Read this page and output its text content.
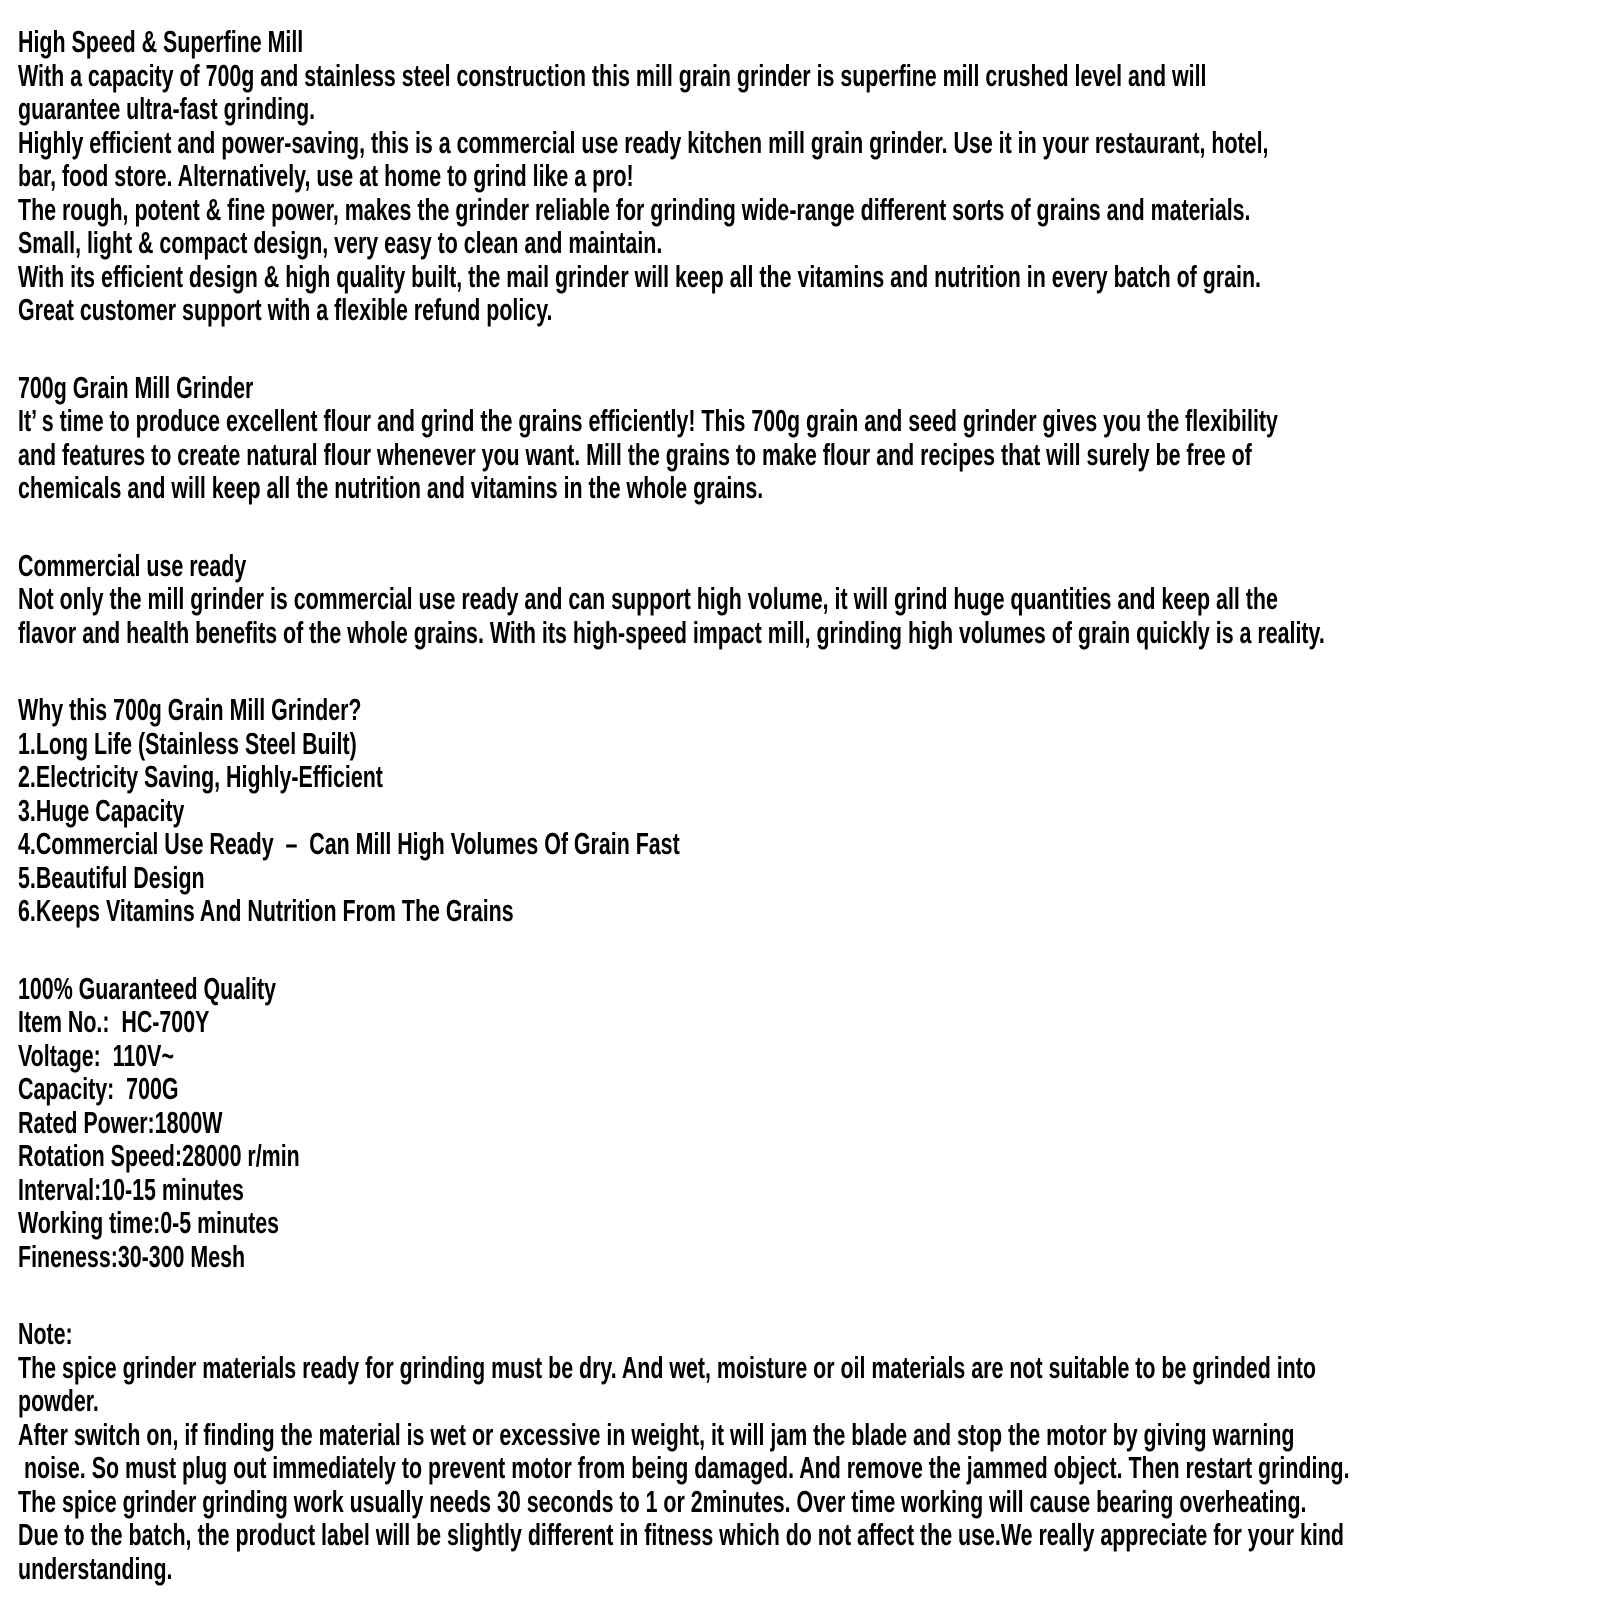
High Speed & Superfine Mill
With a capacity of 700g and stainless steel construction this mill grain grinder is superfine mill crushed level and will
guarantee ultra-fast grinding.
Highly efficient and power-saving, this is a commercial use ready kitchen mill grain grinder. Use it in your restaurant, hotel,
bar, food store. Alternatively, use at home to grind like a pro!
The rough, potent & fine power, makes the grinder reliable for grinding wide-range different sorts of grains and materials.
Small, light & compact design, very easy to clean and maintain.
With its efficient design & high quality built, the mail grinder will keep all the vitamins and nutrition in every batch of grain.
Great customer support with a flexible refund policy.
700g Grain Mill Grinder
It’ s time to produce excellent flour and grind the grains efficiently! This 700g grain and seed grinder gives you the flexibility
and features to create natural flour whenever you want. Mill the grains to make flour and recipes that will surely be free of
chemicals and will keep all the nutrition and vitamins in the whole grains.
Commercial use ready
Not only the mill grinder is commercial use ready and can support high volume, it will grind huge quantities and keep all the
flavor and health benefits of the whole grains. With its high-speed impact mill, grinding high volumes of grain quickly is a reality.
Why this 700g Grain Mill Grinder?
1.Long Life (Stainless Steel Built)
2.Electricity Saving, Highly-Efficient
3.Huge Capacity
4.Commercial Use Ready  –  Can Mill High Volumes Of Grain Fast
5.Beautiful Design
6.Keeps Vitamins And Nutrition From The Grains
100% Guaranteed Quality
Item No.:  HC-700Y
Voltage:  110V~
Capacity:  700G
Rated Power:1800W
Rotation Speed:28000 r/min
Interval:10-15 minutes
Working time:0-5 minutes
Fineness:30-300 Mesh
Note:
The spice grinder materials ready for grinding must be dry. And wet, moisture or oil materials are not suitable to be grinded into
powder.
After switch on, if finding the material is wet or excessive in weight, it will jam the blade and stop the motor by giving warning
noise. So must plug out immediately to prevent motor from being damaged. And remove the jammed object. Then restart grinding.
The spice grinder grinding work usually needs 30 seconds to 1 or 2minutes. Over time working will cause bearing overheating.
Due to the batch, the product label will be slightly different in fitness which do not affect the use.We really appreciate for your kind
understanding.
